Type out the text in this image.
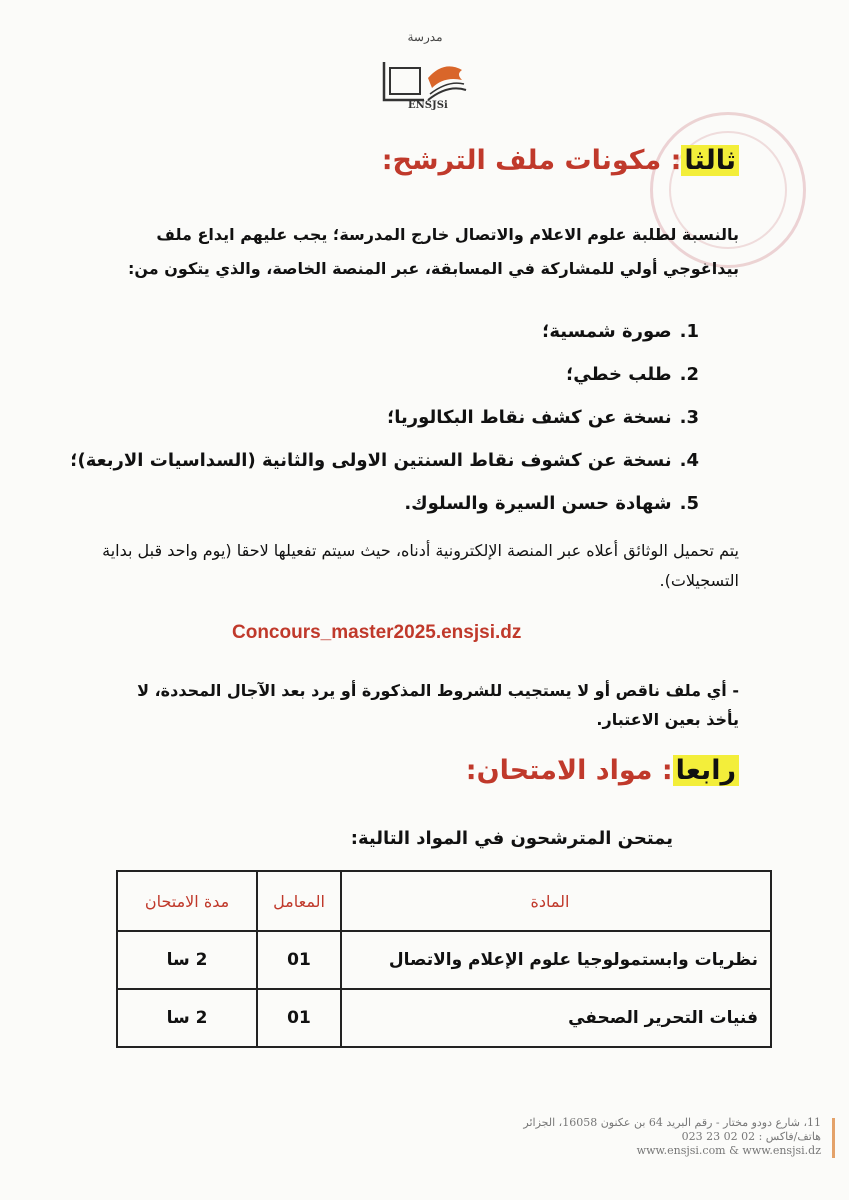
مدرسة
ENSJSi
ثالثا: مكونات ملف الترشح:
بالنسبة لطلبة علوم الاعلام والاتصال خارج المدرسة؛ يجب عليهم ايداع ملف بيداغوجي أولي للمشاركة في المسابقة، عبر المنصة الخاصة، والذي يتكون من:
1.صورة شمسية؛
2.طلب خطي؛
3.نسخة عن كشف نقاط البكالوريا؛
4.نسخة عن كشوف نقاط السنتين الاولى والثانية (السداسيات الاربعة)؛
5.شهادة حسن السيرة والسلوك.
يتم تحميل الوثائق أعلاه عبر المنصة الإلكترونية أدناه، حيث سيتم تفعيلها لاحقا (يوم واحد قبل بداية التسجيلات).
Concours_master2025.ensjsi.dz
- أي ملف ناقص أو لا يستجيب للشروط المذكورة أو يرد بعد الآجال المحددة، لا يأخذ بعين الاعتبار.
رابعا: مواد الامتحان:
يمتحن المترشحون في المواد التالية:
المادة	المعامل	مدة الامتحان
نظريات وابستمولوجيا علوم الإعلام والاتصال	01	2 سا
فنيات التحرير الصحفي	01	2 سا
11، شارع دودو مختار - رقم البريد 64 بن عكنون 16058، الجزائر
هاتف/فاكس : 02 02 23 023
www.ensjsi.com & www.ensjsi.dz
